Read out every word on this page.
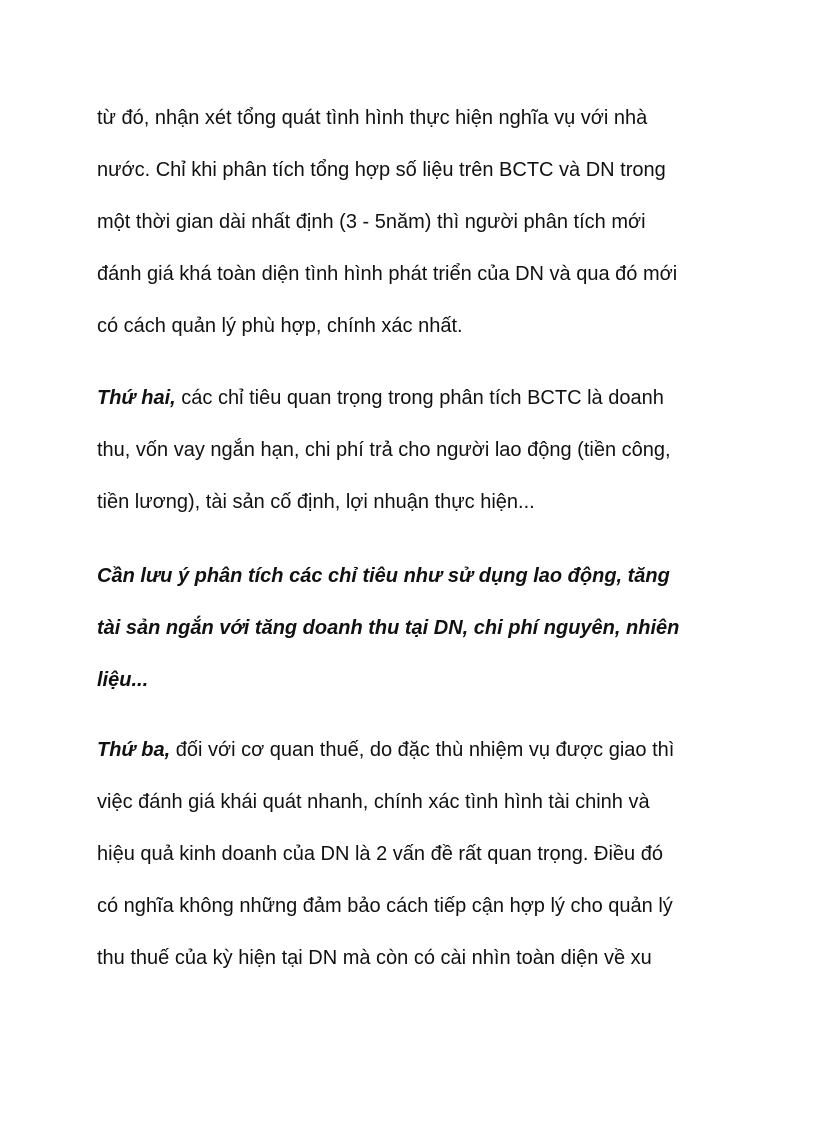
từ đó, nhận xét tổng quát tình hình thực hiện nghĩa vụ với nhà
nước. Chỉ khi phân tích tổng hợp số liệu trên BCTC và DN trong
một thời gian dài nhất định (3 - 5năm) thì người phân tích mới
đánh giá khá toàn diện tình hình phát triển của DN và qua đó mới
có cách quản lý phù hợp, chính xác nhất.
Thứ hai, các chỉ tiêu quan trọng trong phân tích BCTC là doanh
thu, vốn vay ngắn hạn, chi phí trả cho người lao động (tiền công,
tiền lương), tài sản cố định, lợi nhuận thực hiện...
Cần lưu ý phân tích các chỉ tiêu như sử dụng lao động, tăng
tài sản ngắn với tăng doanh thu tại DN, chi phí nguyên, nhiên
liệu...
Thứ ba, đối với cơ quan thuế, do đặc thù nhiệm vụ được giao thì
việc đánh giá khái quát nhanh, chính xác tình hình tài chinh và
hiệu quả kinh doanh của DN là 2 vấn đề rất quan trọng. Điều đó
có nghĩa không những đảm bảo cách tiếp cận hợp lý cho quản lý
thu thuế của kỳ hiện tại DN mà còn có cài nhìn toàn diện về xu
